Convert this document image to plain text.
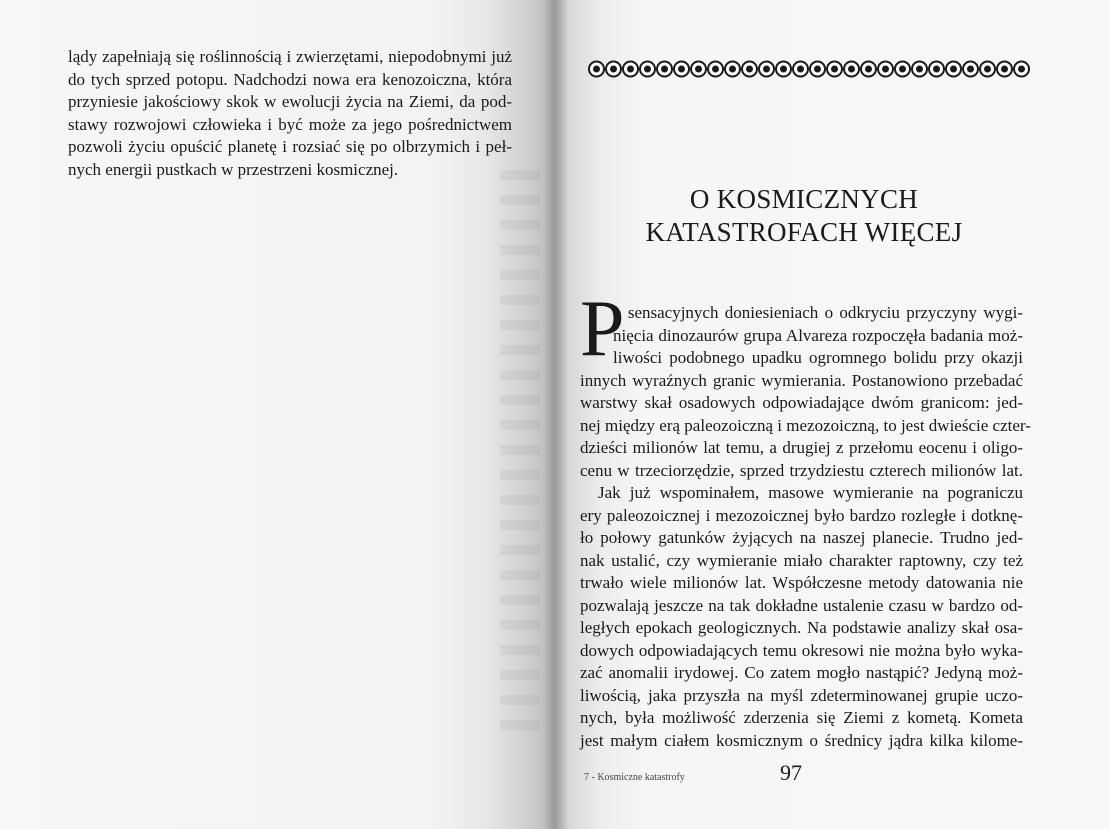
lądy zapełniają się roślinnością i zwierzętami, niepodobnymi już
do tych sprzed potopu. Nadchodzi nowa era kenozoiczna, która
przyniesie jakościowy skok w ewolucji życia na Ziemi, da pod-
stawy rozwojowi człowieka i być może za jego pośrednictwem
pozwoli życiu opuścić planetę i rozsiać się po olbrzymich i peł-
nych energii pustkach w przestrzeni kosmicznej.
O KOSMICZNYCH
KATASTROFACH WIĘCEJ
P
o sensacyjnych doniesieniach o odkryciu przyczyny wygi-
nięcia dinozaurów grupa Alvareza rozpoczęła badania moż-
liwości podobnego upadku ogromnego bolidu przy okazji
innych wyraźnych granic wymierania. Postanowiono przebadać
warstwy skał osadowych odpowiadające dwóm granicom: jed-
nej między erą paleozoiczną i mezozoiczną, to jest dwieście czter-
dzieści milionów lat temu, a drugiej z przełomu eocenu i oligo-
cenu w trzeciorzędzie, sprzed trzydziestu czterech milionów lat.
Jak już wspominałem, masowe wymieranie na pograniczu
ery paleozoicznej i mezozoicznej było bardzo rozległe i dotknę-
ło połowy gatunków żyjących na naszej planecie. Trudno jed-
nak ustalić, czy wymieranie miało charakter raptowny, czy też
trwało wiele milionów lat. Współczesne metody datowania nie
pozwalają jeszcze na tak dokładne ustalenie czasu w bardzo od-
ległych epokach geologicznych. Na podstawie analizy skał osa-
dowych odpowiadających temu okresowi nie można było wyka-
zać anomalii irydowej. Co zatem mogło nastąpić? Jedyną moż-
liwością, jaka przyszła na myśl zdeterminowanej grupie uczo-
nych, była możliwość zderzenia się Ziemi z kometą. Kometa
jest małym ciałem kosmicznym o średnicy jądra kilka kilome-
7 - Kosmiczne katastrofy	97
